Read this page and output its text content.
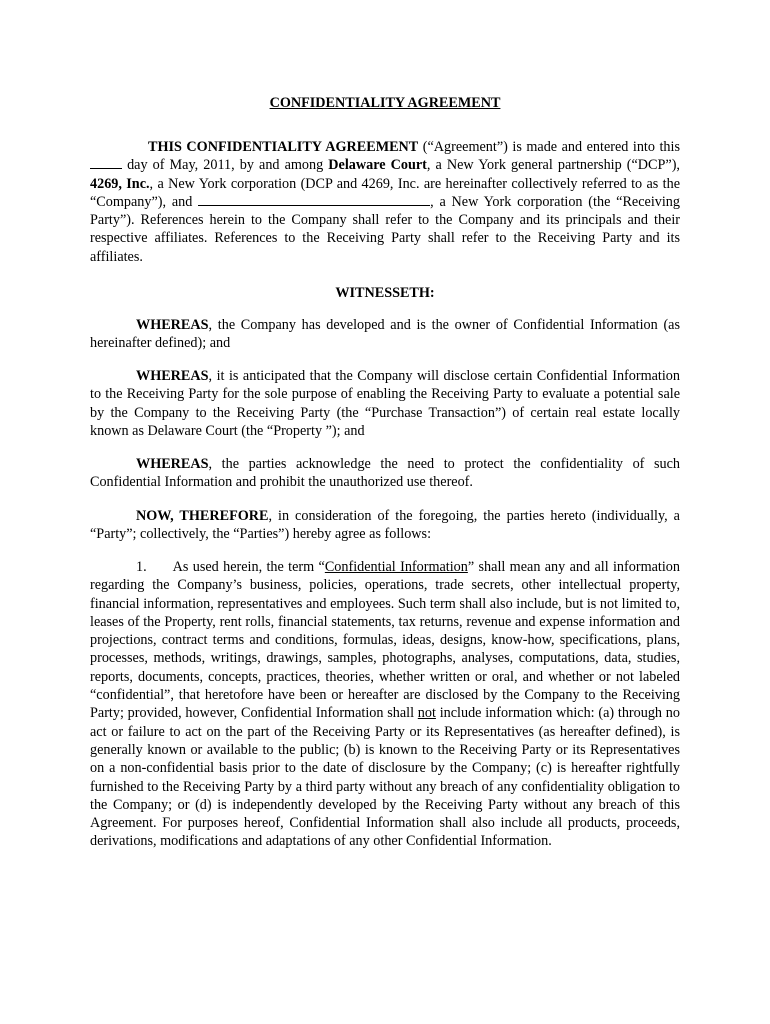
CONFIDENTIALITY AGREEMENT
THIS CONFIDENTIALITY AGREEMENT (“Agreement”) is made and entered into this  day of May, 2011, by and among Delaware Court, a New York general partnership (“DCP”), 4269, Inc., a New York corporation (DCP and 4269, Inc. are hereinafter collectively referred to as the “Company”), and	, a New York corporation (the “Receiving Party”). References herein to the Company shall refer to the Company and its principals and their respective affiliates. References to the Receiving Party shall refer to the Receiving Party and its affiliates.
WITNESSETH:
WHEREAS, the Company has developed and is the owner of Confidential Information (as hereinafter defined); and
WHEREAS, it is anticipated that the Company will disclose certain Confidential Information to the Receiving Party for the sole purpose of enabling the Receiving Party to evaluate a potential sale by the Company to the Receiving Party (the “Purchase Transaction”) of certain real estate locally known as Delaware Court (the “Property ”); and
WHEREAS, the parties acknowledge the need to protect the confidentiality of such Confidential Information and prohibit the unauthorized use thereof.
NOW, THEREFORE, in consideration of the foregoing, the parties hereto (individually, a “Party”; collectively, the “Parties”) hereby agree as follows:
1. As used herein, the term “Confidential Information” shall mean any and all information regarding the Company’s business, policies, operations, trade secrets, other intellectual property, financial information, representatives and employees. Such term shall also include, but is not limited to, leases of the Property, rent rolls, financial statements, tax returns, revenue and expense information and projections, contract terms and conditions, formulas, ideas, designs, know-how, specifications, plans, processes, methods, writings, drawings, samples, photographs, analyses, computations, data, studies, reports, documents, concepts, practices, theories, whether written or oral, and whether or not labeled “confidential”, that heretofore have been or hereafter are disclosed by the Company to the Receiving Party; provided, however, Confidential Information shall not include information which: (a) through no act or failure to act on the part of the Receiving Party or its Representatives (as hereafter defined), is generally known or available to the public; (b) is known to the Receiving Party or its Representatives on a non-confidential basis prior to the date of disclosure by the Company; (c) is hereafter rightfully furnished to the Receiving Party by a third party without any breach of any confidentiality obligation to the Company; or (d) is independently developed by the Receiving Party without any breach of this Agreement. For purposes hereof, Confidential Information shall also include all products, proceeds, derivations, modifications and adaptations of any other Confidential Information.
